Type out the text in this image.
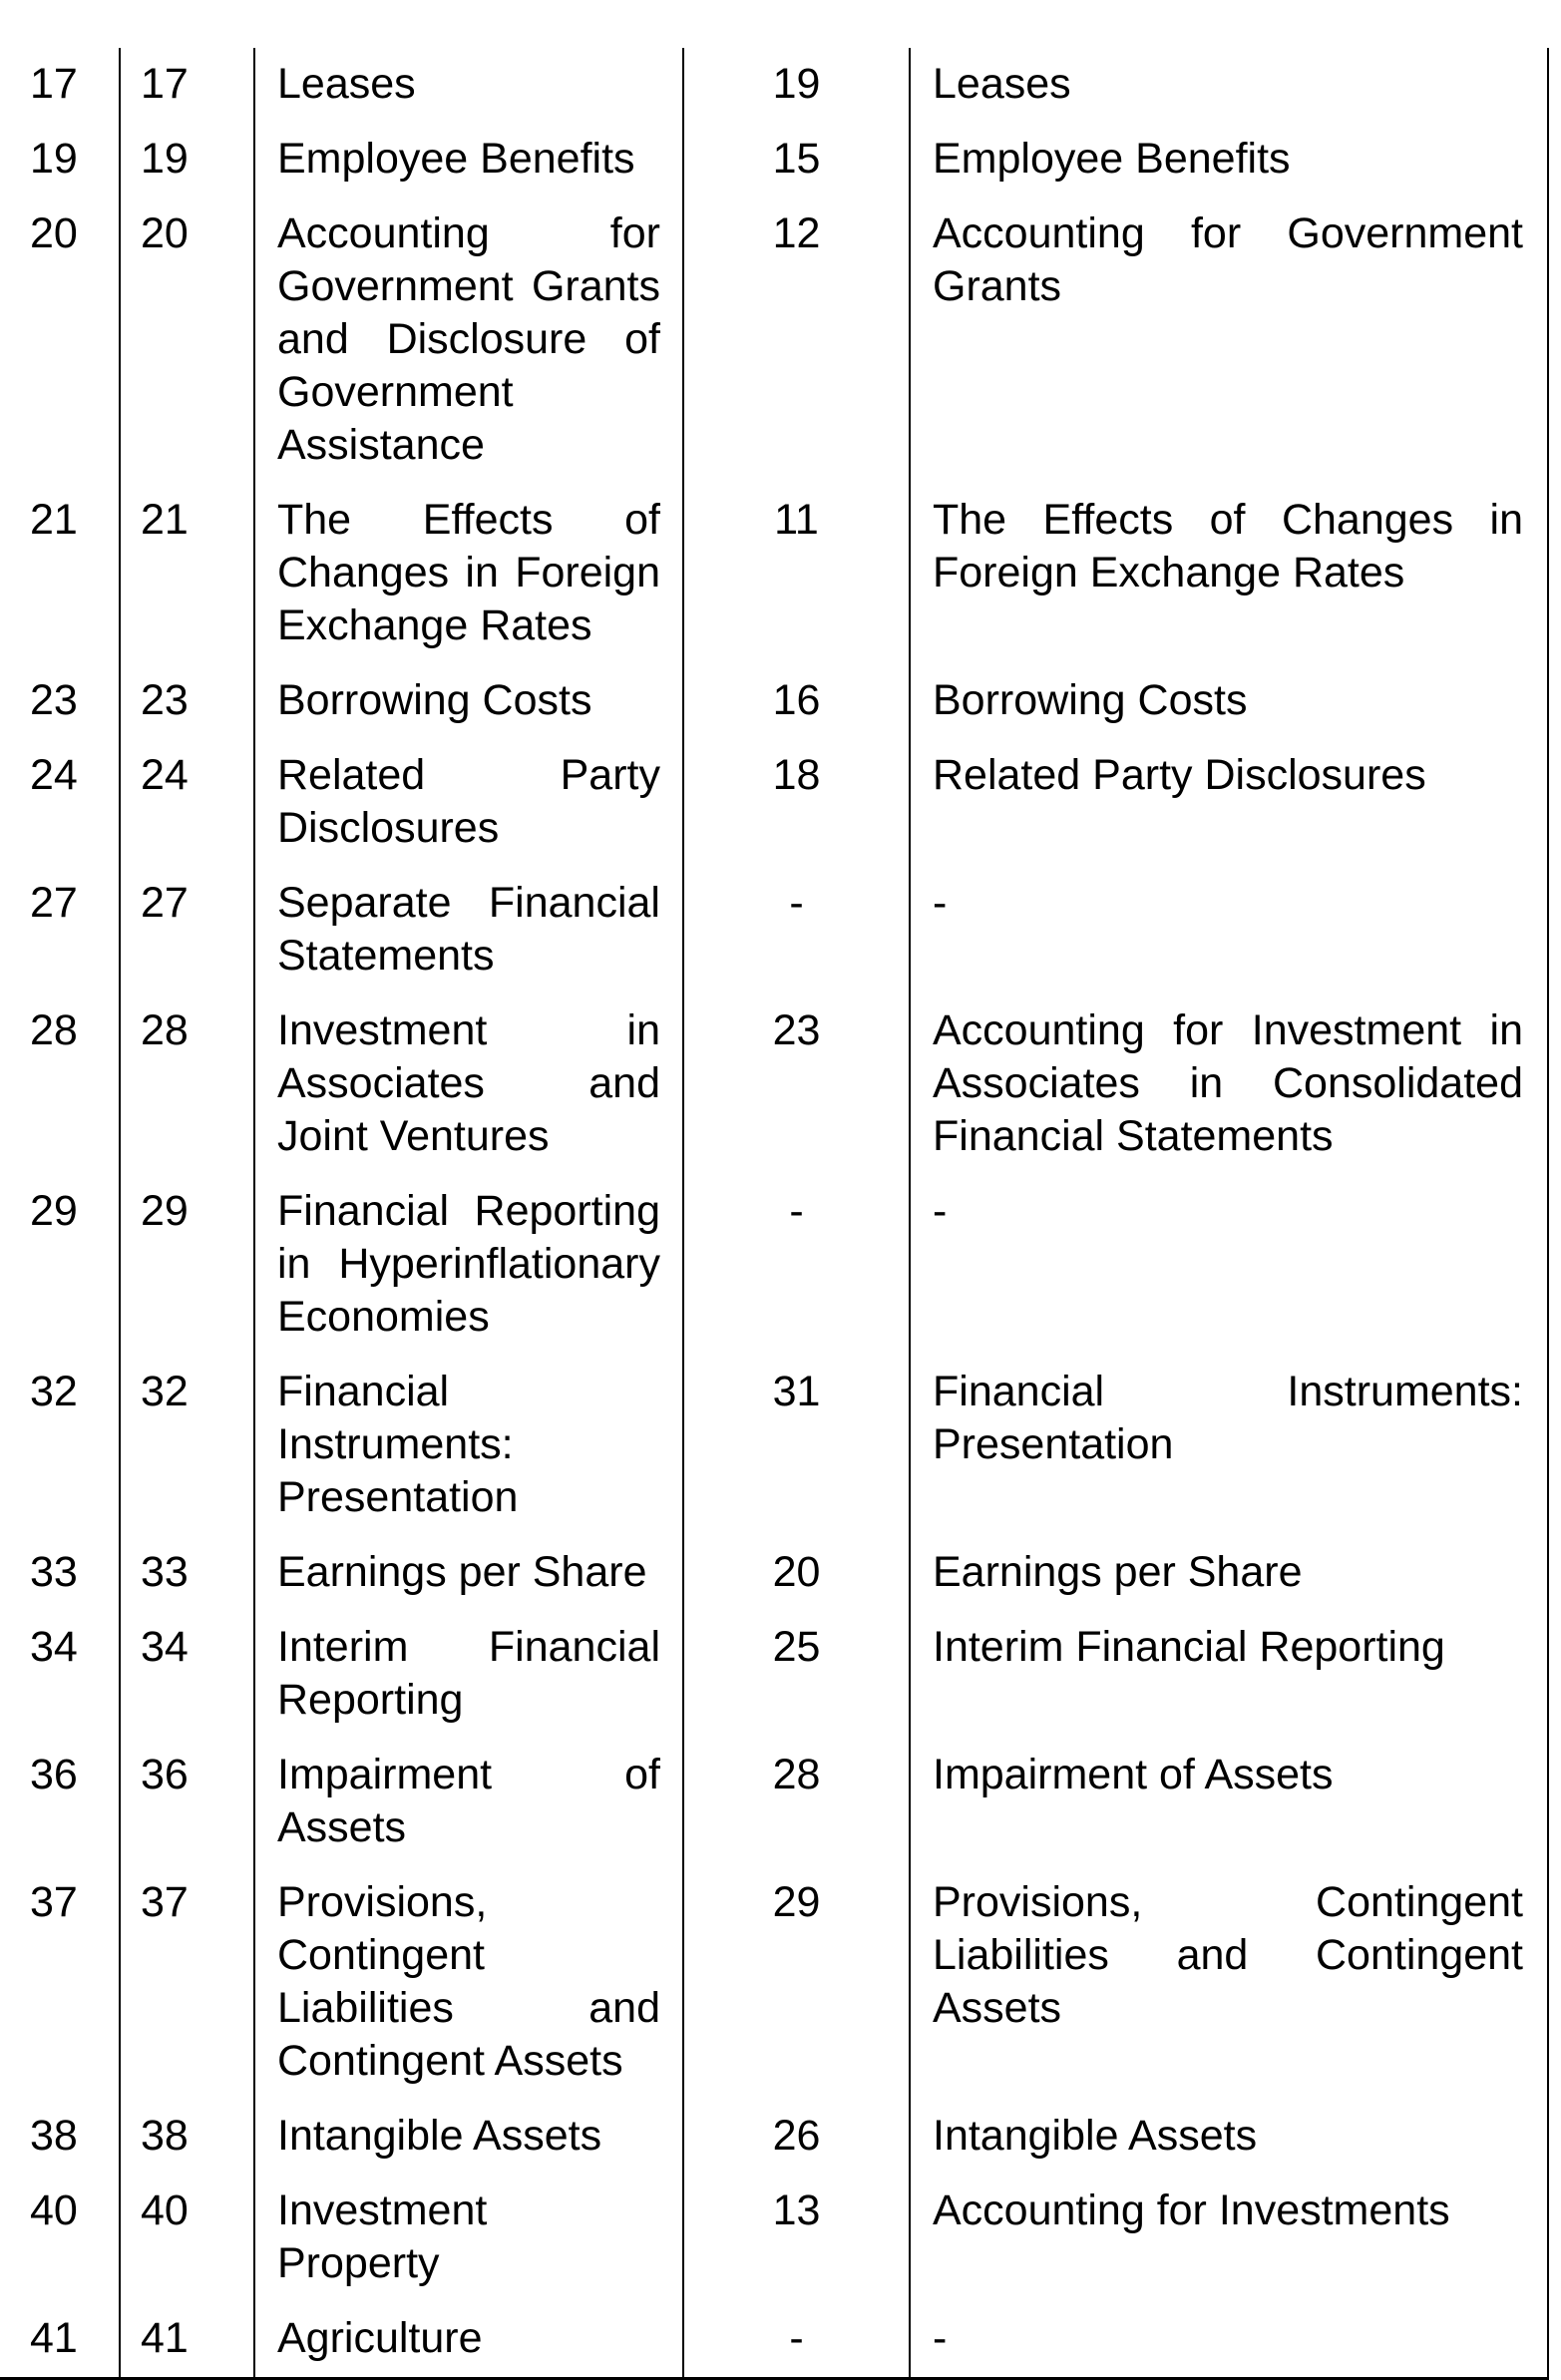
17	17	Leases	19	Leases

19	19	Employee Benefits	15	Employee Benefits

20	20	Accounting for Government Grants and Disclosure of Government Assistance	12	Accounting for Government Grants

21	21	The Effects of Changes in Foreign Exchange Rates	11	The Effects of Changes in Foreign Exchange Rates

23	23	Borrowing Costs	16	Borrowing Costs

24	24	Related Party Disclosures	18	Related Party Disclosures

27	27	Separate Financial Statements	-	-

28	28	Investment in Associates and Joint Ventures	23	Accounting for Investment in Associates in Consolidated Financial Statements

29	29	Financial Reporting in Hyperinflationary Economies	-	-

32	32	Financial Instruments: Presentation	31	Financial Instruments: Presentation

33	33	Earnings per Share	20	Earnings per Share

34	34	Interim Financial Reporting	25	Interim Financial Reporting

36	36	Impairment of Assets	28	Impairment of Assets

37	37	Provisions, Contingent Liabilities and Contingent Assets	29	Provisions, Contingent Liabilities and Contingent Assets

38	38	Intangible Assets	26	Intangible Assets

40	40	Investment Property	13	Accounting for Investments

41	41	Agriculture	-	-
